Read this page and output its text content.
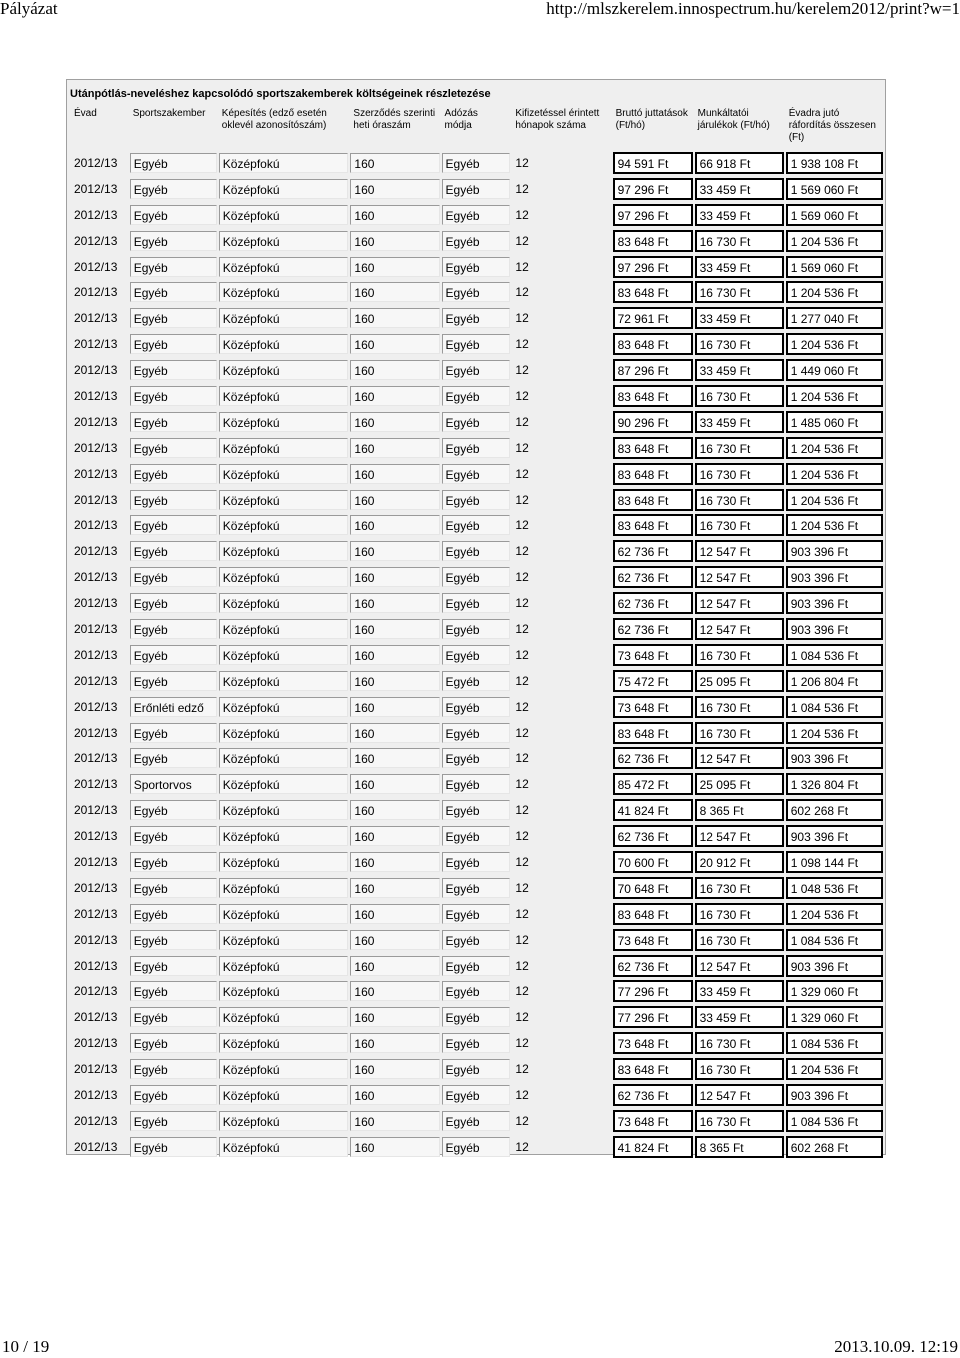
Pályázat	http://mlszkerelem.innospectrum.hu/kerelem2012/print?w=1
Utánpótlás-neveléshez kapcsolódó sportszakemberek költségeinek részletezése
Évad	Sportszakember	Képesítés (edző esetén oklevél azonosítószám)	Szerződés szerinti heti óraszám	Adózás módja	Kifizetéssel érintett hónapok száma	Bruttó juttatások (Ft/hó)	Munkáltatói járulékok (Ft/hó)	Évadra jutó ráfordítás összesen (Ft)

2012/13	Egyéb	Középfokú	160	Egyéb	12	94 591 Ft	66 918 Ft	1 938 108 Ft

2012/13	Egyéb	Középfokú	160	Egyéb	12	97 296 Ft	33 459 Ft	1 569 060 Ft

2012/13	Egyéb	Középfokú	160	Egyéb	12	97 296 Ft	33 459 Ft	1 569 060 Ft

2012/13	Egyéb	Középfokú	160	Egyéb	12	83 648 Ft	16 730 Ft	1 204 536 Ft

2012/13	Egyéb	Középfokú	160	Egyéb	12	97 296 Ft	33 459 Ft	1 569 060 Ft

2012/13	Egyéb	Középfokú	160	Egyéb	12	83 648 Ft	16 730 Ft	1 204 536 Ft

2012/13	Egyéb	Középfokú	160	Egyéb	12	72 961 Ft	33 459 Ft	1 277 040 Ft

2012/13	Egyéb	Középfokú	160	Egyéb	12	83 648 Ft	16 730 Ft	1 204 536 Ft

2012/13	Egyéb	Középfokú	160	Egyéb	12	87 296 Ft	33 459 Ft	1 449 060 Ft

2012/13	Egyéb	Középfokú	160	Egyéb	12	83 648 Ft	16 730 Ft	1 204 536 Ft

2012/13	Egyéb	Középfokú	160	Egyéb	12	90 296 Ft	33 459 Ft	1 485 060 Ft

2012/13	Egyéb	Középfokú	160	Egyéb	12	83 648 Ft	16 730 Ft	1 204 536 Ft

2012/13	Egyéb	Középfokú	160	Egyéb	12	83 648 Ft	16 730 Ft	1 204 536 Ft

2012/13	Egyéb	Középfokú	160	Egyéb	12	83 648 Ft	16 730 Ft	1 204 536 Ft

2012/13	Egyéb	Középfokú	160	Egyéb	12	83 648 Ft	16 730 Ft	1 204 536 Ft

2012/13	Egyéb	Középfokú	160	Egyéb	12	62 736 Ft	12 547 Ft	903 396 Ft

2012/13	Egyéb	Középfokú	160	Egyéb	12	62 736 Ft	12 547 Ft	903 396 Ft

2012/13	Egyéb	Középfokú	160	Egyéb	12	62 736 Ft	12 547 Ft	903 396 Ft

2012/13	Egyéb	Középfokú	160	Egyéb	12	62 736 Ft	12 547 Ft	903 396 Ft

2012/13	Egyéb	Középfokú	160	Egyéb	12	73 648 Ft	16 730 Ft	1 084 536 Ft

2012/13	Egyéb	Középfokú	160	Egyéb	12	75 472 Ft	25 095 Ft	1 206 804 Ft

2012/13	Erőnléti edző	Középfokú	160	Egyéb	12	73 648 Ft	16 730 Ft	1 084 536 Ft

2012/13	Egyéb	Középfokú	160	Egyéb	12	83 648 Ft	16 730 Ft	1 204 536 Ft

2012/13	Egyéb	Középfokú	160	Egyéb	12	62 736 Ft	12 547 Ft	903 396 Ft

2012/13	Sportorvos	Középfokú	160	Egyéb	12	85 472 Ft	25 095 Ft	1 326 804 Ft

2012/13	Egyéb	Középfokú	160	Egyéb	12	41 824 Ft	8 365 Ft	602 268 Ft

2012/13	Egyéb	Középfokú	160	Egyéb	12	62 736 Ft	12 547 Ft	903 396 Ft

2012/13	Egyéb	Középfokú	160	Egyéb	12	70 600 Ft	20 912 Ft	1 098 144 Ft

2012/13	Egyéb	Középfokú	160	Egyéb	12	70 648 Ft	16 730 Ft	1 048 536 Ft

2012/13	Egyéb	Középfokú	160	Egyéb	12	83 648 Ft	16 730 Ft	1 204 536 Ft

2012/13	Egyéb	Középfokú	160	Egyéb	12	73 648 Ft	16 730 Ft	1 084 536 Ft

2012/13	Egyéb	Középfokú	160	Egyéb	12	62 736 Ft	12 547 Ft	903 396 Ft

2012/13	Egyéb	Középfokú	160	Egyéb	12	77 296 Ft	33 459 Ft	1 329 060 Ft

2012/13	Egyéb	Középfokú	160	Egyéb	12	77 296 Ft	33 459 Ft	1 329 060 Ft

2012/13	Egyéb	Középfokú	160	Egyéb	12	73 648 Ft	16 730 Ft	1 084 536 Ft

2012/13	Egyéb	Középfokú	160	Egyéb	12	83 648 Ft	16 730 Ft	1 204 536 Ft

2012/13	Egyéb	Középfokú	160	Egyéb	12	62 736 Ft	12 547 Ft	903 396 Ft

2012/13	Egyéb	Középfokú	160	Egyéb	12	73 648 Ft	16 730 Ft	1 084 536 Ft

2012/13	Egyéb	Középfokú	160	Egyéb	12	41 824 Ft	8 365 Ft	602 268 Ft
10 / 19	2013.10.09. 12:19
